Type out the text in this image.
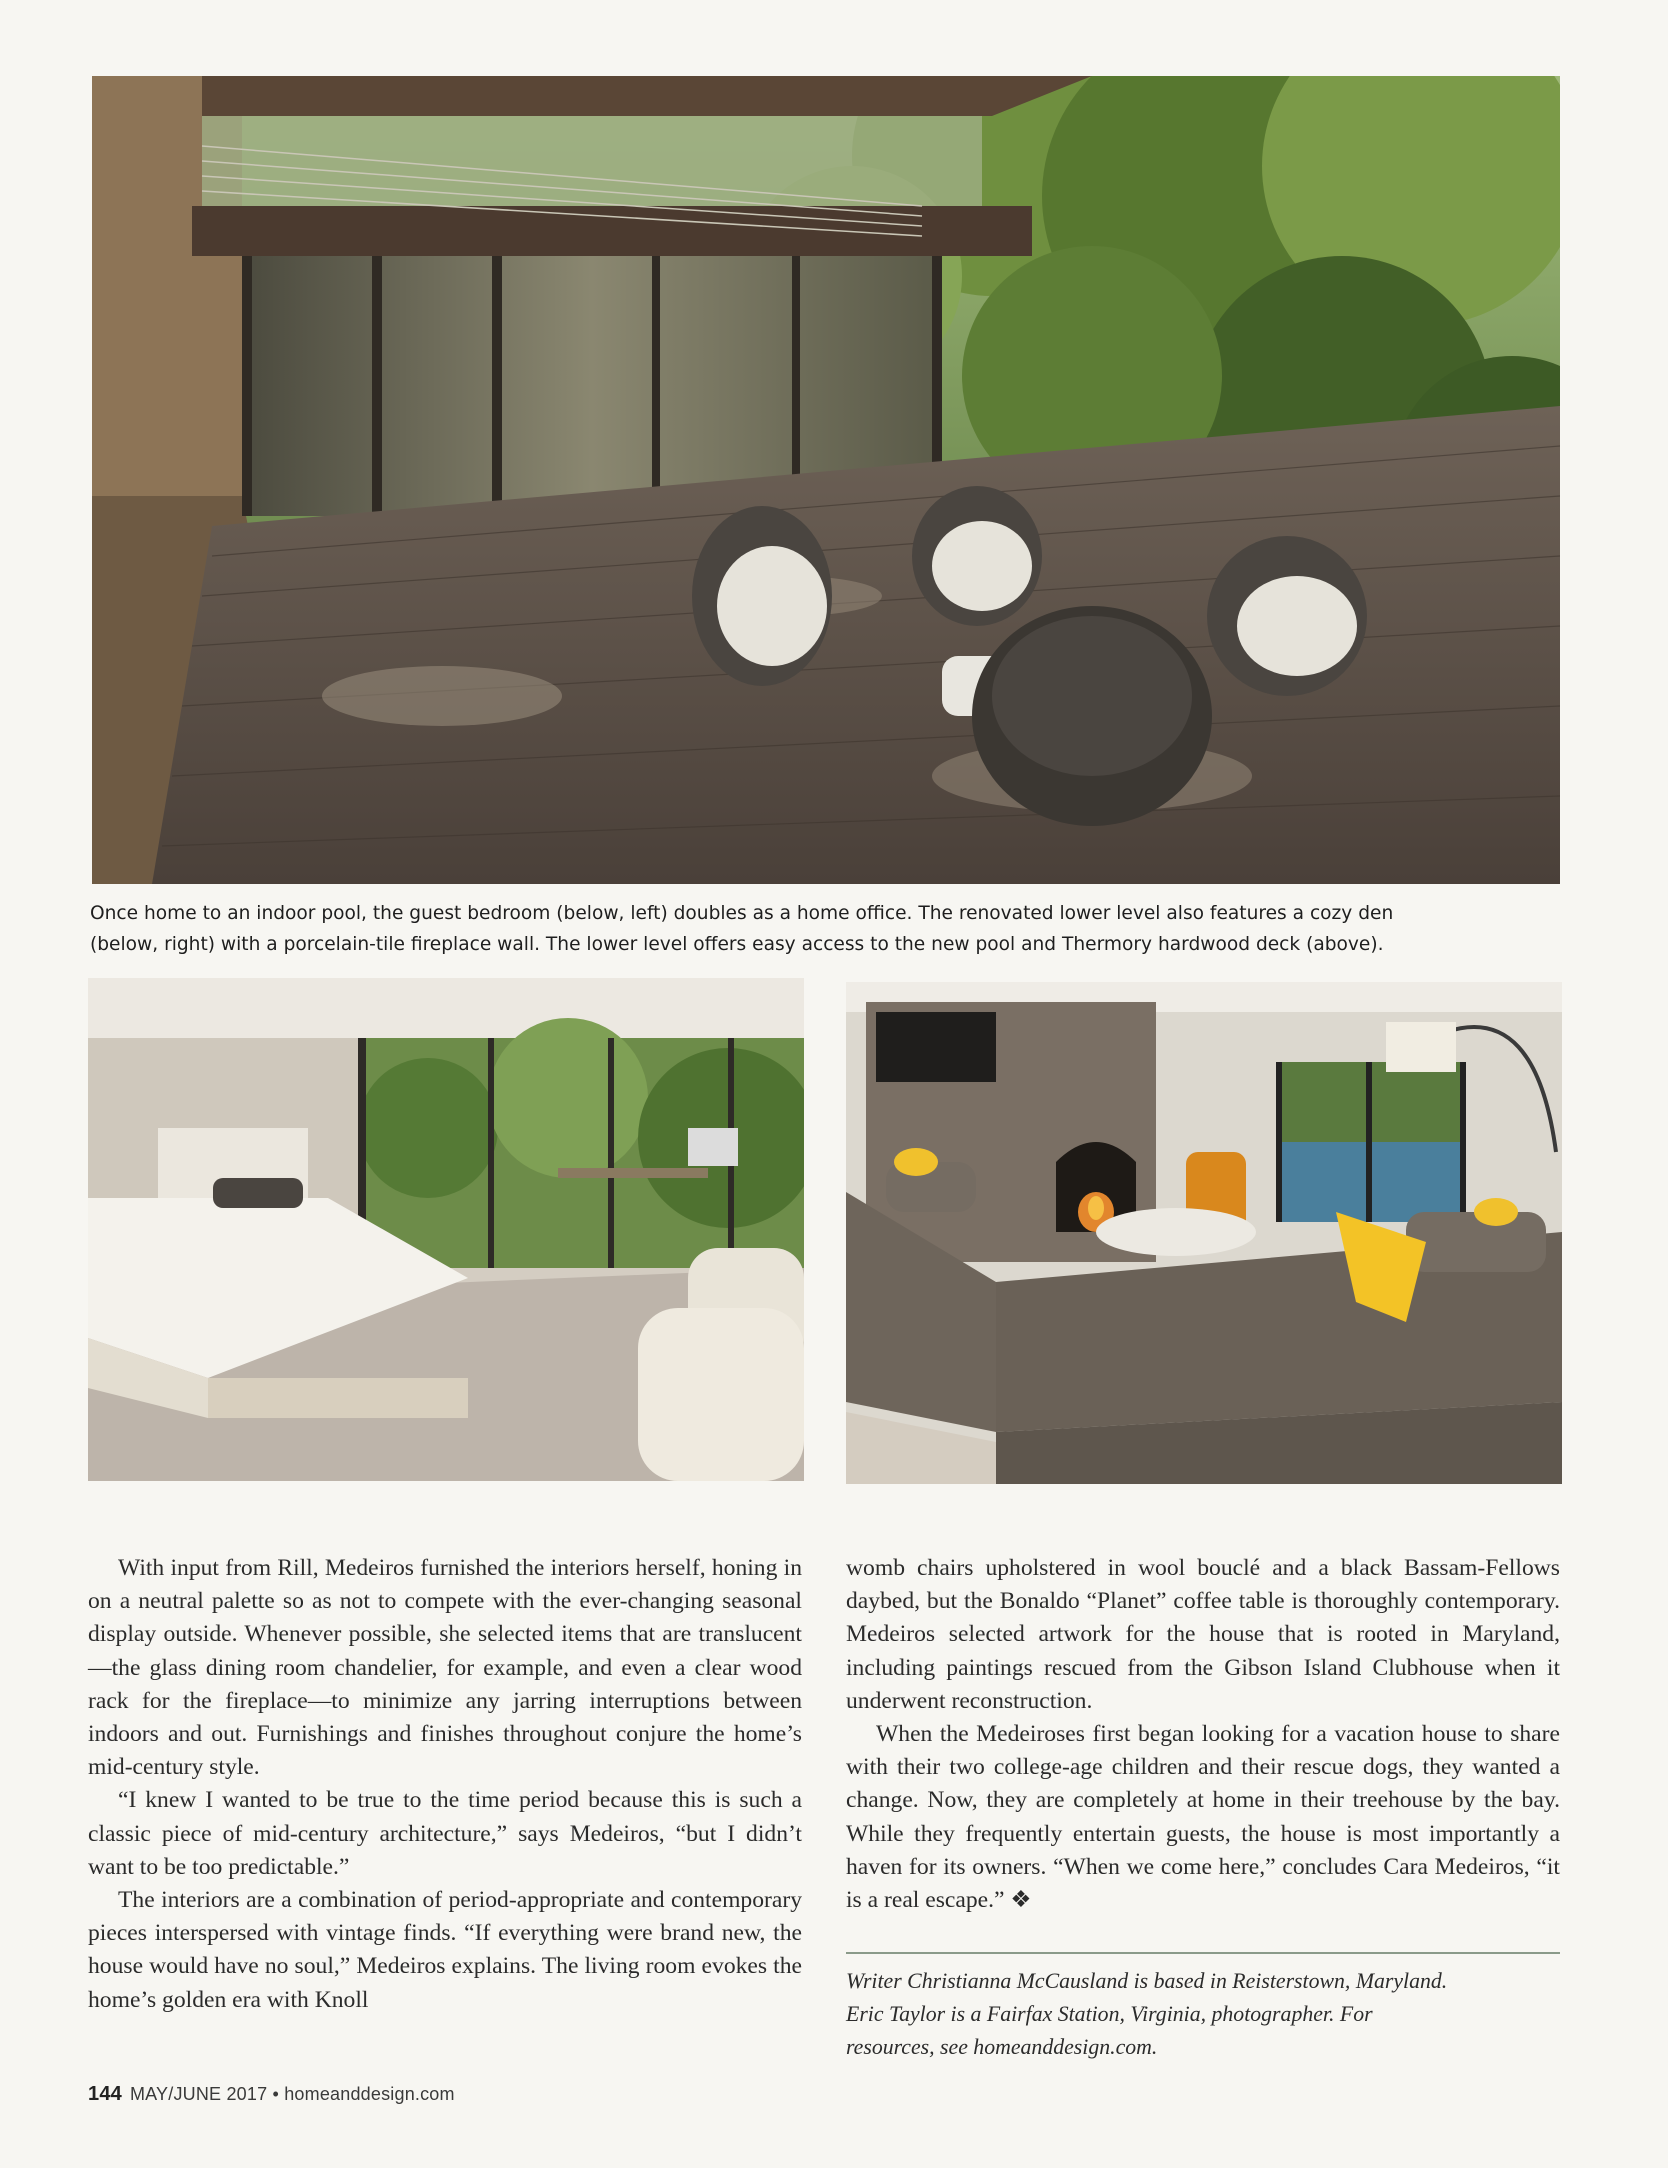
Once home to an indoor pool, the guest bedroom (below, left) doubles as a home office. The renovated lower level also features a cozy den

(below, right) with a porcelain-tile fireplace wall. The lower level offers easy access to the new pool and Thermory hardwood deck (above).

With input from Rill, Medeiros furnished the interiors herself, honing in on a neutral palette so as not to compete with the ever-changing seasonal display outside. Whenever possible, she selected items that are translucent—the glass dining room chandelier, for example, and even a clear wood rack for the fireplace—to minimize any jarring interruptions between indoors and out. Furnishings and finishes throughout conjure the home’s mid-century style.

“I knew I wanted to be true to the time period because this is such a classic piece of mid-century architecture,” says Medeiros, “but I didn’t want to be too predictable.”

The interiors are a combination of period-appropriate and contemporary pieces interspersed with vintage finds. “If everything were brand new, the house would have no soul,” Medeiros explains. The living room evokes the home’s golden era with Knoll

womb chairs upholstered in wool bouclé and a black Bassam-Fellows daybed, but the Bonaldo “Planet” coffee table is thoroughly contemporary. Medeiros selected artwork for the house that is rooted in Maryland, including paintings rescued from the Gibson Island Clubhouse when it underwent reconstruction.

When the Medeiroses first began looking for a vacation house to share with their two college-age children and their rescue dogs, they wanted a change. Now, they are completely at home in their treehouse by the bay. While they frequently entertain guests, the house is most importantly a haven for its owners. “When we come here,” concludes Cara Medeiros, “it is a real escape.” ❖

Writer Christianna McCausland is based in Reisterstown, Maryland.

Eric Taylor is a Fairfax Station, Virginia, photographer. For

resources, see homeanddesign.com.

144 MAY/JUNE 2017 • homeanddesign.com
